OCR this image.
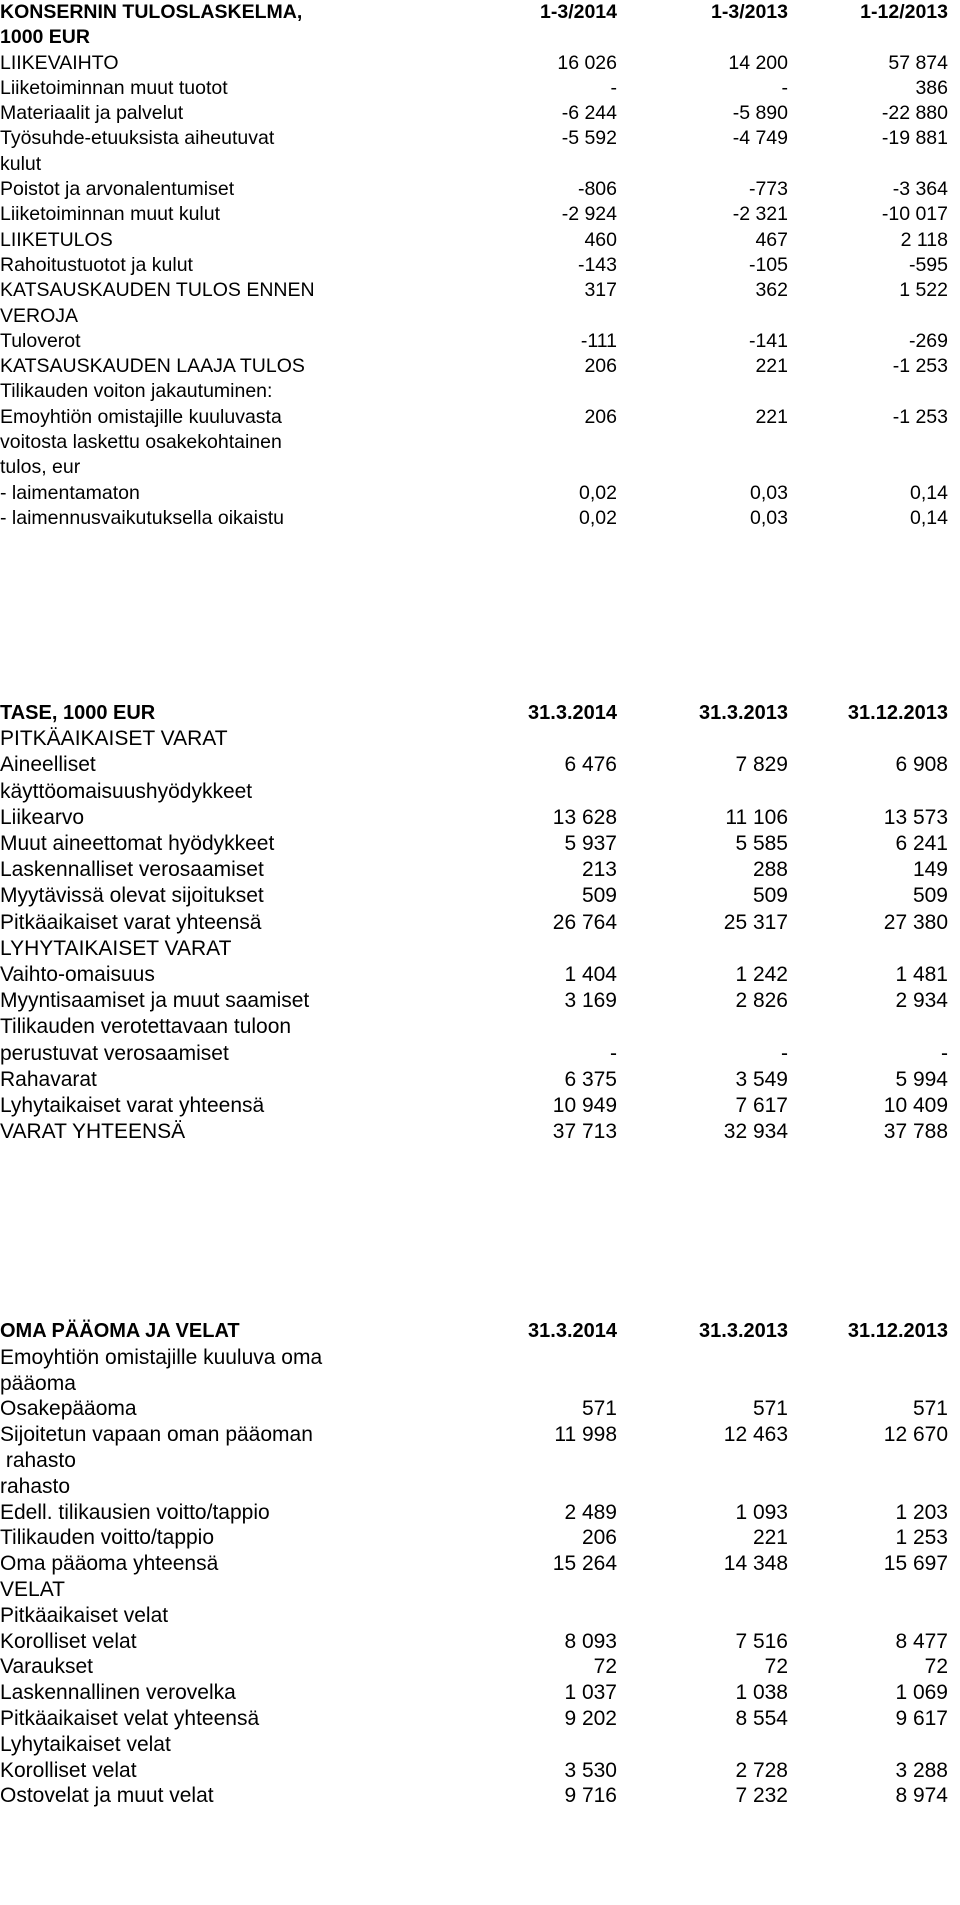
KONSERNIN TULOSLASKELMA,	1-3/2014	1-3/2013	1-12/2013
1000 EUR			
LIIKEVAIHTO	16 026	14 200	57 874
Liiketoiminnan muut tuotot	-	-	386
Materiaalit ja palvelut	-6 244	-5 890	-22 880
Työsuhde-etuuksista aiheutuvat	-5 592	-4 749	-19 881
kulut			
Poistot ja arvonalentumiset	-806	-773	-3 364
Liiketoiminnan muut kulut	-2 924	-2 321	-10 017
LIIKETULOS	460	467	2 118
Rahoitustuotot ja kulut	-143	-105	-595
KATSAUSKAUDEN TULOS ENNEN	317	362	1 522
VEROJA			
Tuloverot	-111	-141	-269
KATSAUSKAUDEN LAAJA TULOS	206	221	-1 253
Tilikauden voiton jakautuminen:			
Emoyhtiön omistajille kuuluvasta	206	221	-1 253
voitosta laskettu osakekohtainen			
tulos, eur			
- laimentamaton	0,02	0,03	0,14
- laimennusvaikutuksella oikaistu	0,02	0,03	0,14
TASE, 1000 EUR	31.3.2014	31.3.2013	31.12.2013
PITKÄAIKAISET VARAT			
Aineelliset	6 476	7 829	6 908
käyttöomaisuushyödykkeet			
Liikearvo	13 628	11 106	13 573
Muut aineettomat hyödykkeet	5 937	5 585	6 241
Laskennalliset verosaamiset	213	288	149
Myytävissä olevat sijoitukset	509	509	509
Pitkäaikaiset varat yhteensä	26 764	25 317	27 380
LYHYTAIKAISET VARAT			
Vaihto-omaisuus	1 404	1 242	1 481
Myyntisaamiset ja muut saamiset	3 169	2 826	2 934
Tilikauden verotettavaan tuloon			
perustuvat verosaamiset	-	-	-
Rahavarat	6 375	3 549	5 994
Lyhytaikaiset varat yhteensä	10 949	7 617	10 409
VARAT YHTEENSÄ	37 713	32 934	37 788
OMA PÄÄOMA JA VELAT	31.3.2014	31.3.2013	31.12.2013
Emoyhtiön omistajille kuuluva oma			
pääoma			
Osakepääoma	571	571	571
Sijoitetun vapaan oman pääoman	11 998	12 463	12 670
rahasto			
rahasto			
Edell. tilikausien voitto/tappio	2 489	1 093	1 203
Tilikauden voitto/tappio	206	221	1 253
Oma pääoma yhteensä	15 264	14 348	15 697
VELAT			
Pitkäaikaiset velat			
Korolliset velat	8 093	7 516	8 477
Varaukset	72	72	72
Laskennallinen verovelka	1 037	1 038	1 069
Pitkäaikaiset velat yhteensä	9 202	8 554	9 617
Lyhytaikaiset velat			
Korolliset velat	3 530	2 728	3 288
Ostovelat ja muut velat	9 716	7 232	8 974
